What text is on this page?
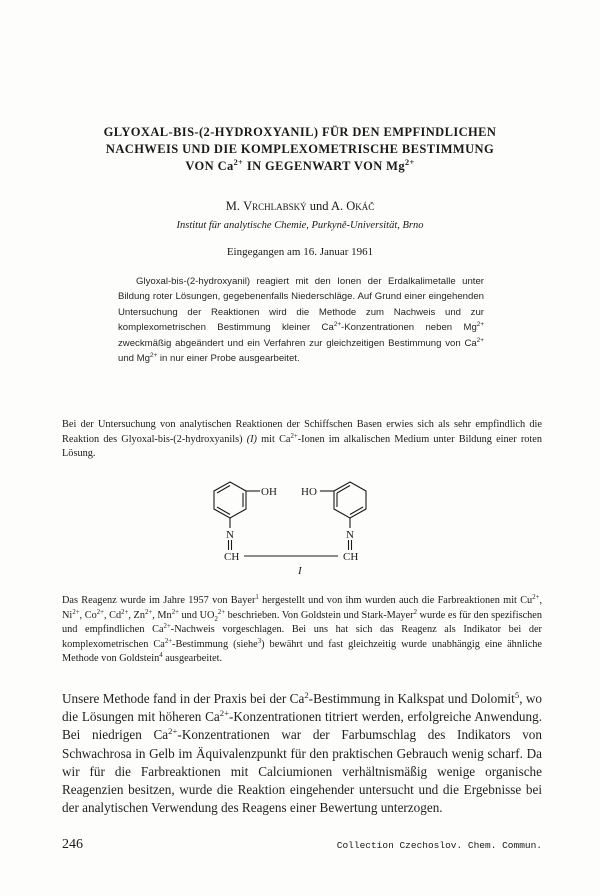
GLYOXAL-BIS-(2-HYDROXYANIL) FÜR DEN EMPFINDLICHEN
NACHWEIS UND DIE KOMPLEXOMETRISCHE BESTIMMUNG
VON $Ca^{2+}$ IN GEGENWART VON $Mg^{2+}$
M. Vrchlabský und A. Okáč
Institut für analytische Chemie, Purkyně-Universität, Brno
Eingegangen am 16. Januar 1961

Glyoxal-bis-(2-hydroxyanil) reagiert mit den Ionen der Erdalkalimetalle unter Bildung roter Lösungen, gegebenenfalls Niederschläge. Auf Grund einer eingehenden Untersuchung der Reaktionen wird die Methode zum Nachweis und zur komplexometrischen Bestimmung kleiner $Ca^{2+}$-Konzentrationen neben $Mg^{2+}$ zweckmäßig abgeändert und ein Verfahren zur gleichzeitigen Bestimmung von $Ca^{2+}$ und $Mg^{2+}$ in nur einer Probe ausgearbeitet.

Bei der Untersuchung von analytischen Reaktionen der Schiffschen Basen erwies sich als sehr empfindlich die Reaktion des Glyoxal-bis-(2-hydroxyanils) (I) mit $Ca^{2+}$-Ionen im alkalischen Medium unter Bildung einer roten Lösung.

OH HO
N	N
CH	CH
I

Das Reagenz wurde im Jahre 1957 von Bayer$^1$ hergestellt und von ihm wurden auch die Farbreaktionen mit $Cu^{2+}$, $Ni^{2+}$, $Co^{2+}$, $Cd^{2+}$, $Zn^{2+}$, $Mn^{2+}$ und $UO_2^{2+}$ beschrieben. Von Goldstein und Stark-Mayer$^2$ wurde es für den spezifischen und empfindlichen $Ca^{2+}$-Nachweis vorgeschlagen. Bei uns hat sich das Reagenz als Indikator bei der komplexometrischen $Ca^{2+}$-Bestimmung (siehe$^3$) bewährt und fast gleichzeitig wurde unabhängig eine ähnliche Methode von Goldstein$^4$ ausgearbeitet.

Unsere Methode fand in der Praxis bei der Ca$^2$-Bestimmung in Kalkspat und Dolomit$^5$, wo die Lösungen mit höheren $Ca^{2+}$-Konzentrationen titriert werden, erfolgreiche Anwendung. Bei niedrigen $Ca^{2+}$-Konzentrationen war der Farbumschlag des Indikators von Schwachrosa in Gelb im Äquivalenzpunkt für den praktischen Gebrauch wenig scharf. Da wir für die Farbreaktionen mit Calciumionen verhältnismäßig wenige organische Reagenzien besitzen, wurde die Reaktion eingehender untersucht und die Ergebnisse bei der analytischen Verwendung des Reagens einer Bewertung unterzogen.

246	Collection Czechoslov. Chem. Commun.
